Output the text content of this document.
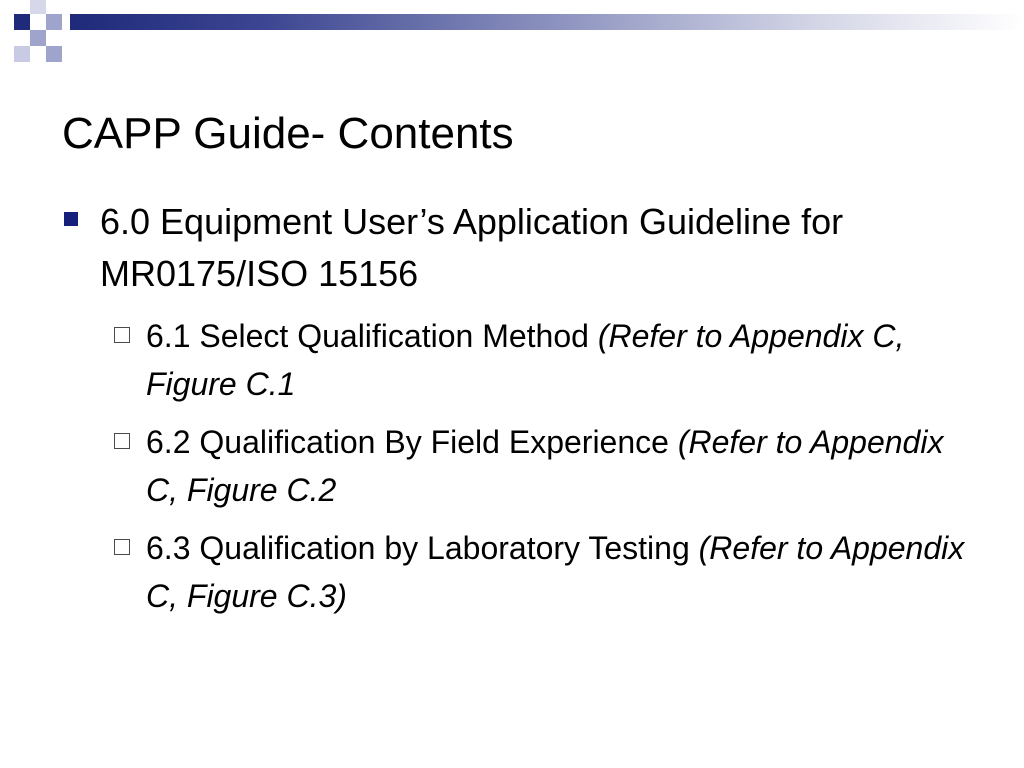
CAPP Guide- Contents
6.0 Equipment User’s Application Guideline for MR0175/ISO 15156
6.1 Select Qualification Method (Refer to Appendix C, Figure C.1
6.2 Qualification By Field Experience (Refer to Appendix C, Figure C.2
6.3 Qualification by Laboratory Testing (Refer to Appendix C, Figure C.3)
